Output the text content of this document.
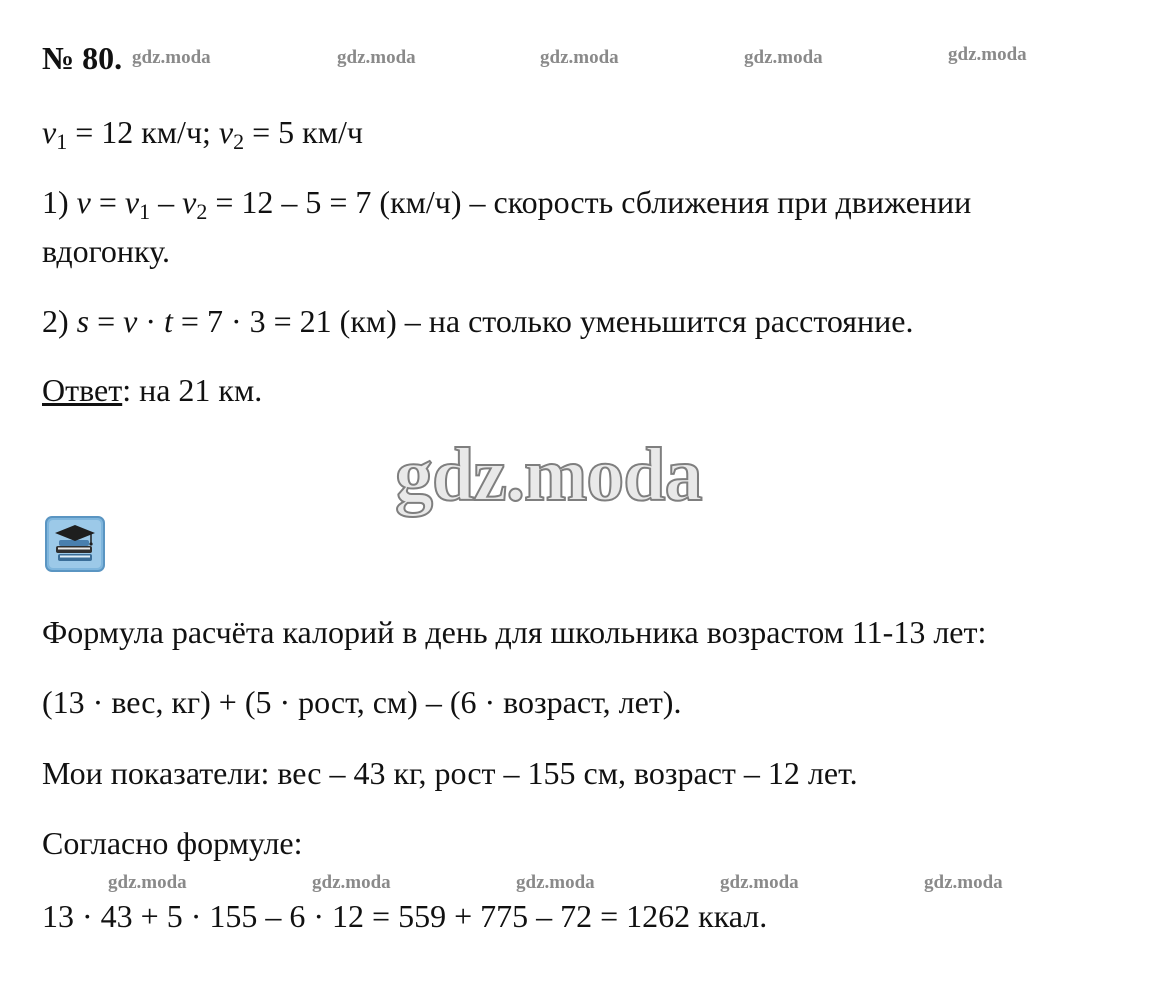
№ 80. gdz.moda	gdz.moda	gdz.moda	gdz.moda	gdz.moda
$v_1 = 12$ км/ч; $v_2 = 5$ км/ч
1) $v = v_1 - v_2 = 12 - 5 = 7$ (км/ч) – скорость сближения при движении
вдогонку.
2) s = v · t = 7 · 3 = 21 (км) – на столько уменьшится расстояние.
Ответ: на 21 км.
gdz.moda
Формула расчёта калорий в день для школьника возрастом 11-13 лет:
(13 · вес, кг) + (5 · рост, см) – (6 · возраст, лет).
Мои показатели: вес – 43 кг, рост – 155 см, возраст – 12 лет.
Согласно формуле:
gdz.moda	gdz.moda	gdz.moda	gdz.moda	gdz.moda
13 · 43 + 5 · 155 – 6 · 12 = 559 + 775 – 72 = 1262 ккал.
